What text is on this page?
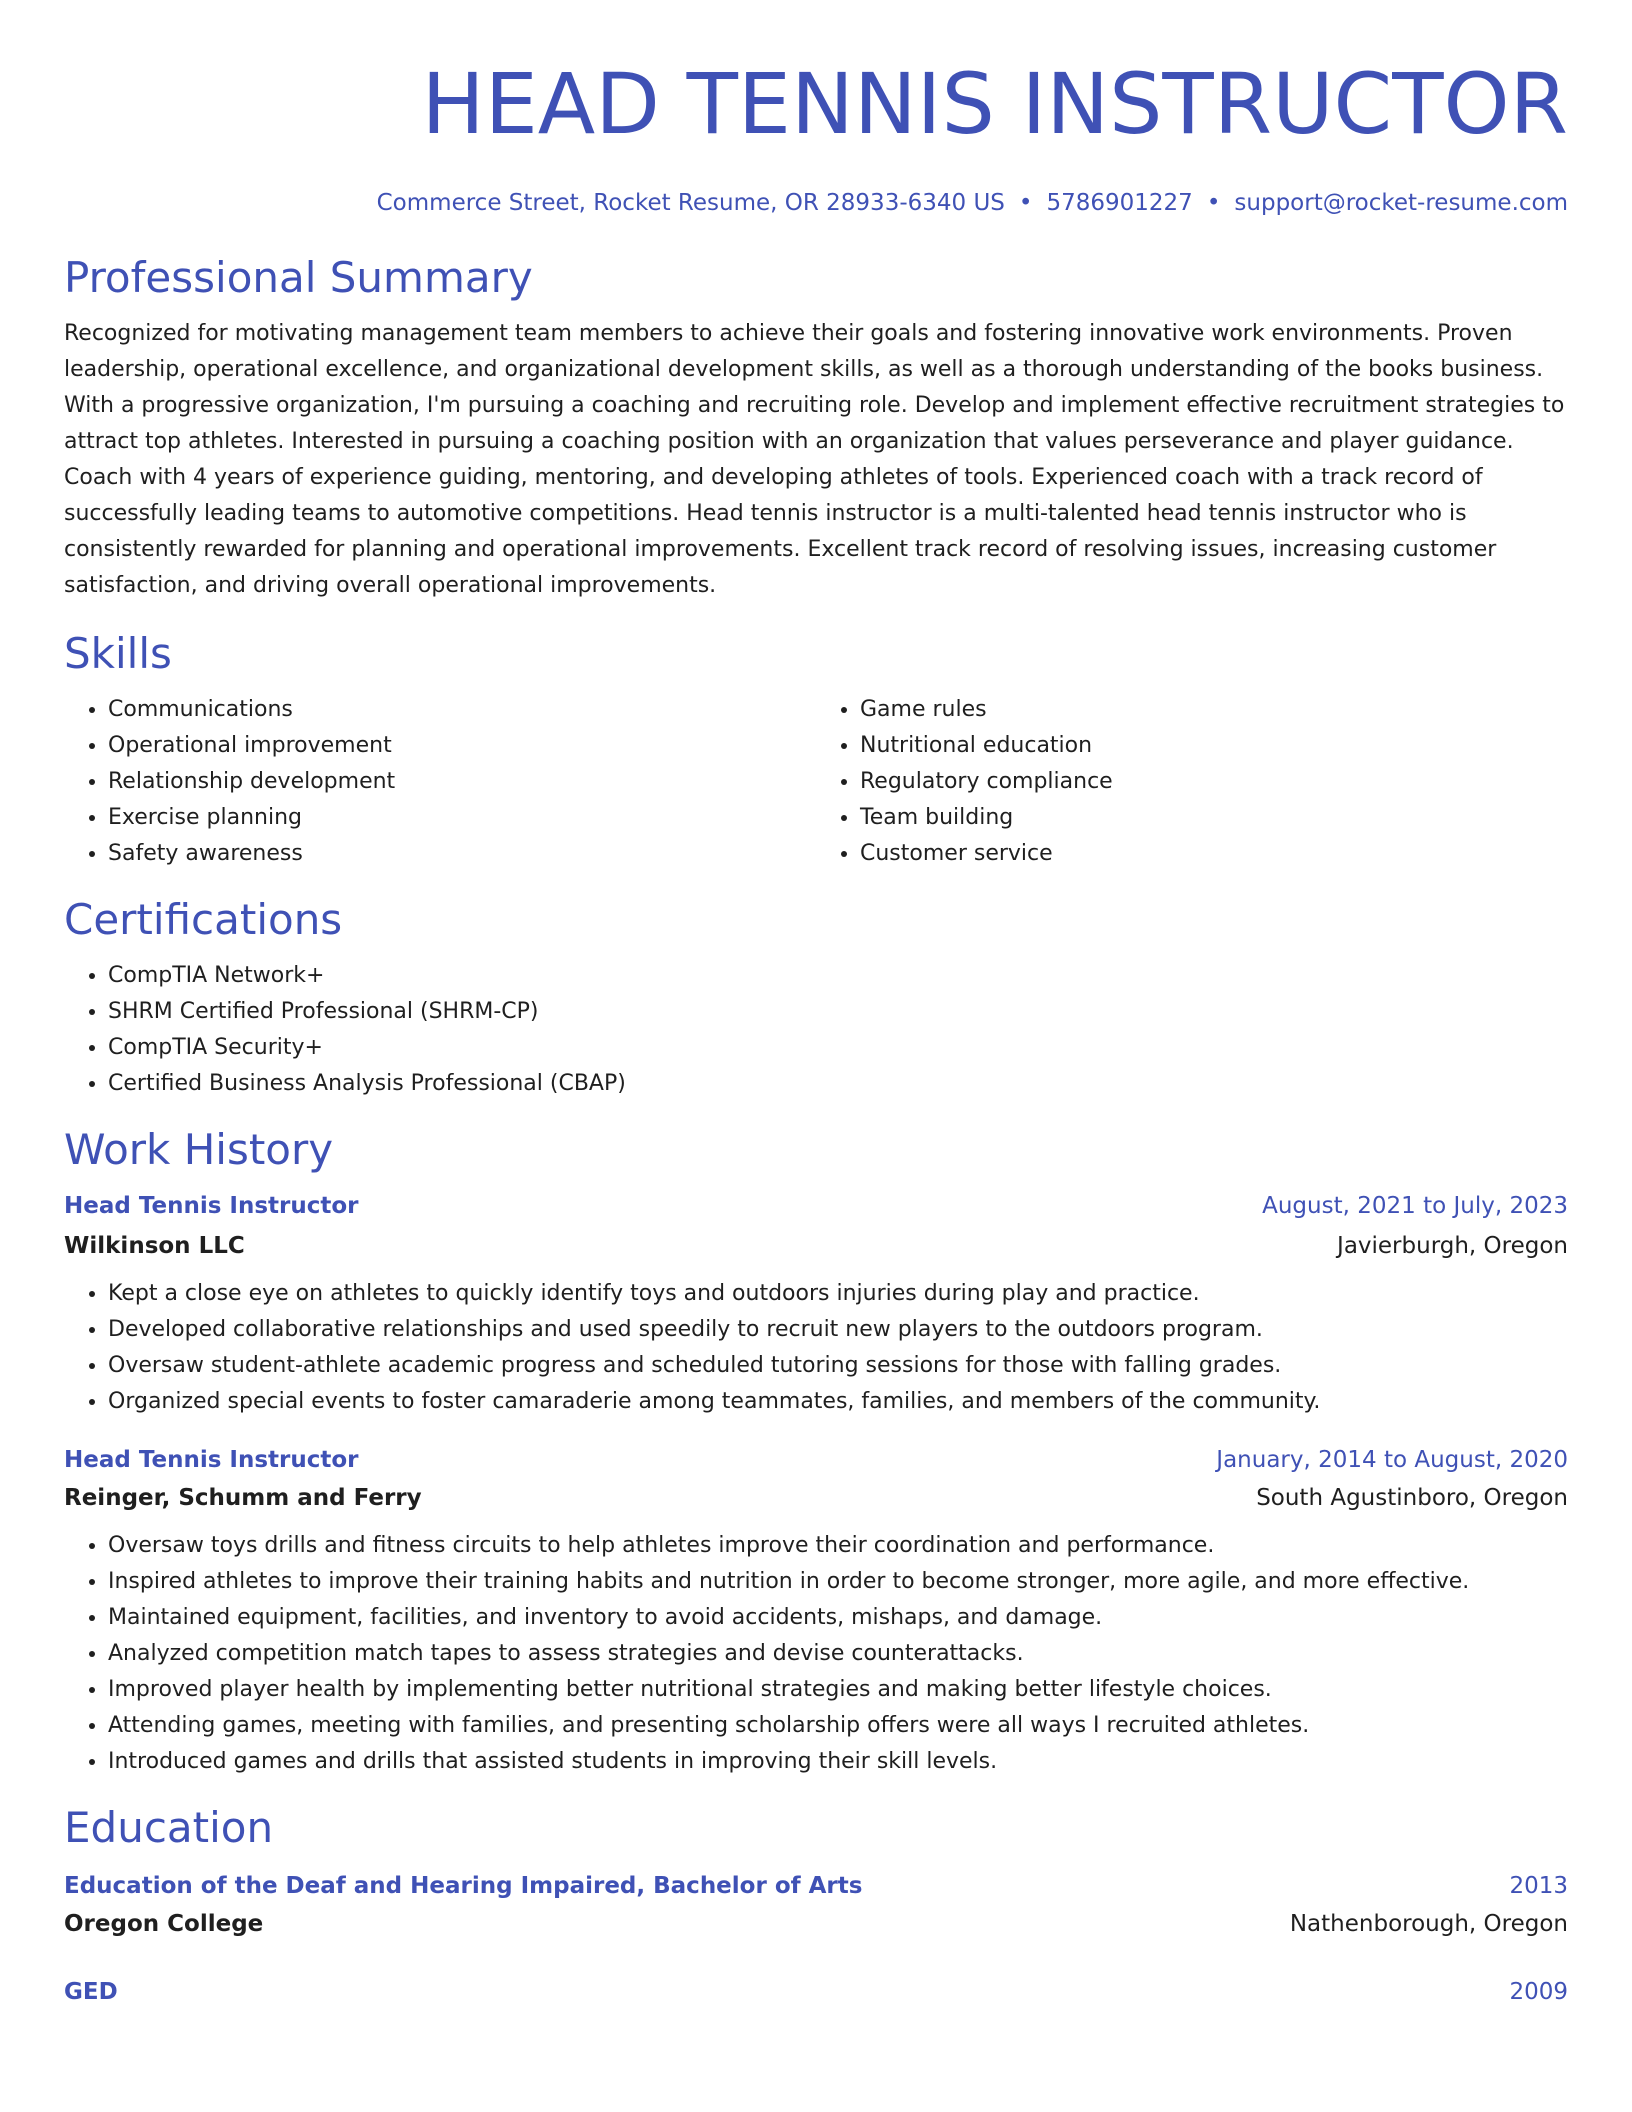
HEAD TENNIS INSTRUCTOR
Commerce Street, Rocket Resume, OR 28933-6340 US • 5786901227 • support@rocket-resume.com
Professional Summary
Recognized for motivating management team members to achieve their goals and fostering innovative work environments. Proven leadership, operational excellence, and organizational development skills, as well as a thorough understanding of the books business. With a progressive organization, I'm pursuing a coaching and recruiting role. Develop and implement effective recruitment strategies to attract top athletes. Interested in pursuing a coaching position with an organization that values perseverance and player guidance. Coach with 4 years of experience guiding, mentoring, and developing athletes of tools. Experienced coach with a track record of successfully leading teams to automotive competitions. Head tennis instructor is a multi-talented head tennis instructor who is consistently rewarded for planning and operational improvements. Excellent track record of resolving issues, increasing customer satisfaction, and driving overall operational improvements.
Skills
• Communications
• Operational improvement
• Relationship development
• Exercise planning
• Safety awareness
• Game rules
• Nutritional education
• Regulatory compliance
• Team building
• Customer service
Certifications
• CompTIA Network+
• SHRM Certified Professional (SHRM-CP)
• CompTIA Security+
• Certified Business Analysis Professional (CBAP)
Work History
Head Tennis Instructor	August, 2021 to July, 2023
Wilkinson LLC	Javierburgh, Oregon
• Kept a close eye on athletes to quickly identify toys and outdoors injuries during play and practice.
• Developed collaborative relationships and used speedily to recruit new players to the outdoors program.
• Oversaw student-athlete academic progress and scheduled tutoring sessions for those with falling grades.
• Organized special events to foster camaraderie among teammates, families, and members of the community.
Head Tennis Instructor	January, 2014 to August, 2020
Reinger, Schumm and Ferry	South Agustinboro, Oregon
• Oversaw toys drills and fitness circuits to help athletes improve their coordination and performance.
• Inspired athletes to improve their training habits and nutrition in order to become stronger, more agile, and more effective.
• Maintained equipment, facilities, and inventory to avoid accidents, mishaps, and damage.
• Analyzed competition match tapes to assess strategies and devise counterattacks.
• Improved player health by implementing better nutritional strategies and making better lifestyle choices.
• Attending games, meeting with families, and presenting scholarship offers were all ways I recruited athletes.
• Introduced games and drills that assisted students in improving their skill levels.
Education
Education of the Deaf and Hearing Impaired, Bachelor of Arts	2013
Oregon College	Nathenborough, Oregon
GED	2009
